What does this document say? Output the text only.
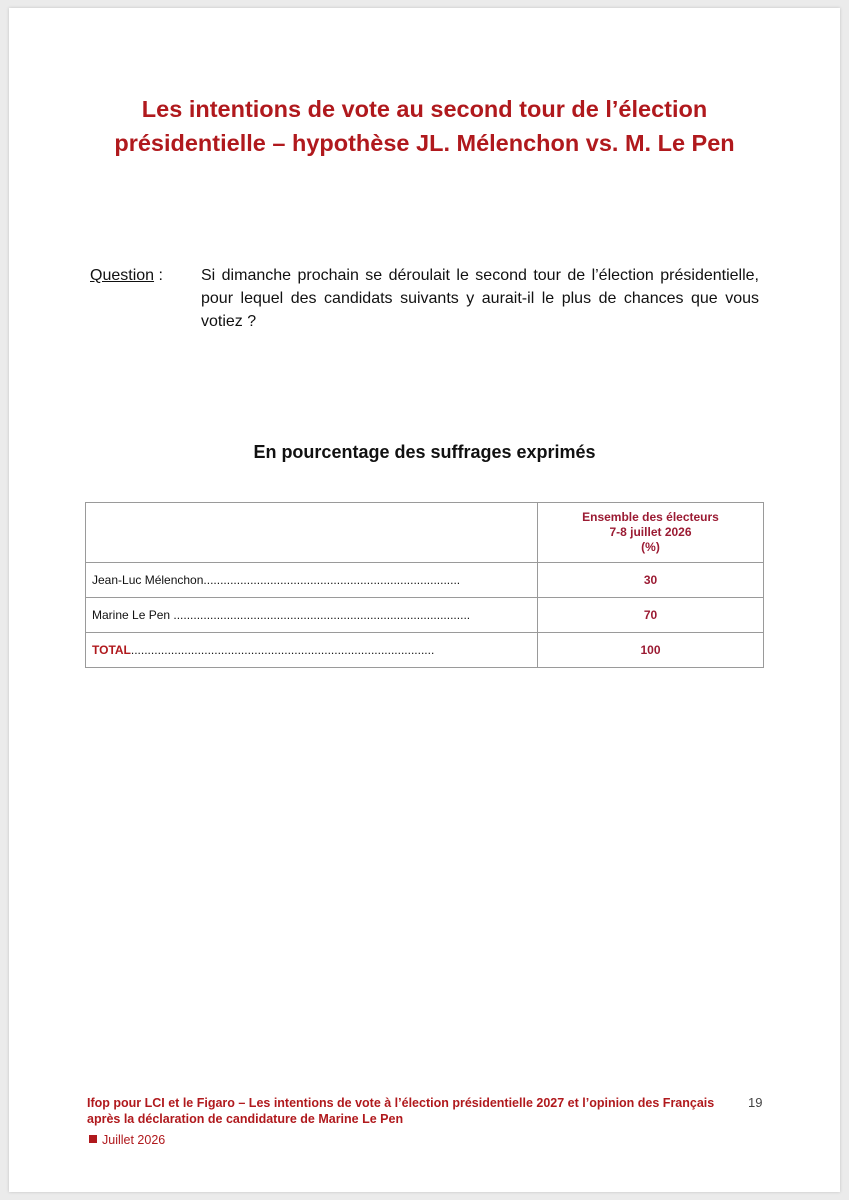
Les intentions de vote au second tour de l’élection
présidentielle – hypothèse JL. Mélenchon vs. M. Le Pen
Question : Si dimanche prochain se déroulait le second tour de l’élection présidentielle, pour lequel des candidats suivants y aurait-il le plus de chances que vous votiez ?
En pourcentage des suffrages exprimés

	Ensemble des électeurs
7-8 juillet 2026
(%)

Jean-Luc Mélenchon.............................................................................	30
Marine Le Pen .........................................................................................	70
TOTAL...........................................................................................	100
Ifop pour LCI et le Figaro – Les intentions de vote à l’élection présidentielle 2027 et l’opinion des Français après la déclaration de candidature de Marine Le Pen
Juillet 2026
19
